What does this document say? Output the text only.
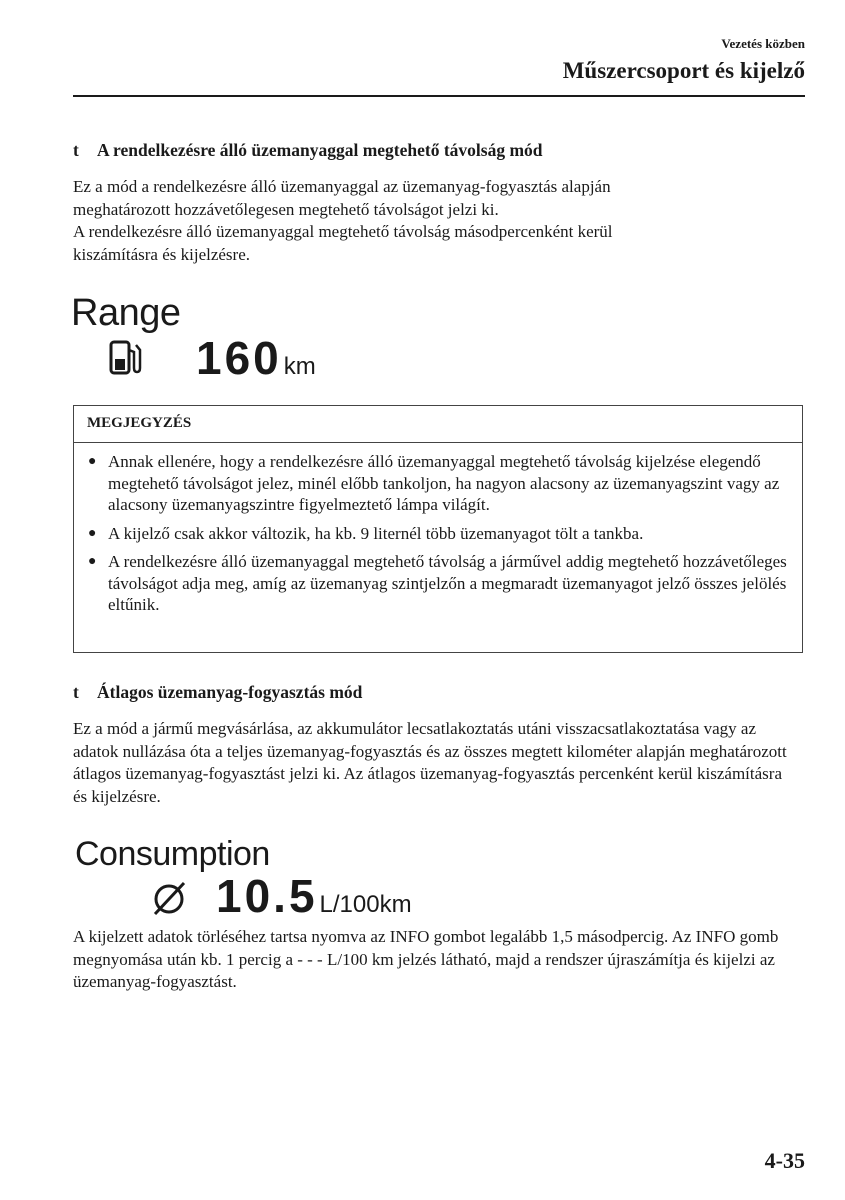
Vezetés közben
Műszercsoport és kijelző
t A rendelkezésre álló üzemanyaggal megtehető távolság mód
Ez a mód a rendelkezésre álló üzemanyaggal az üzemanyag-fogyasztás alapján
meghatározott hozzávetőlegesen megtehető távolságot jelzi ki.
A rendelkezésre álló üzemanyaggal megtehető távolság másodpercenként kerül
kiszámításra és kijelzésre.
Range
160km
MEGJEGYZÉS
● Annak ellenére, hogy a rendelkezésre álló üzemanyaggal megtehető távolság kijelzése elegendő megtehető távolságot jelez, minél előbb tankoljon, ha nagyon alacsony az üzemanyagszint vagy az alacsony üzemanyagszintre figyelmeztető lámpa világít.
● A kijelző csak akkor változik, ha kb. 9 liternél több üzemanyagot tölt a tankba.
● A rendelkezésre álló üzemanyaggal megtehető távolság a járművel addig megtehető hozzávetőleges távolságot adja meg, amíg az üzemanyag szintjelzőn a megmaradt üzemanyagot jelző összes jelölés eltűnik.
t Átlagos üzemanyag-fogyasztás mód

Ez a mód a jármű megvásárlása, az akkumulátor lecsatlakoztatás utáni visszacsatlakoztatása vagy az adatok nullázása óta a teljes üzemanyag-fogyasztás és az összes megtett kilométer alapján meghatározott átlagos üzemanyag-fogyasztást jelzi ki. Az átlagos üzemanyag-fogyasztás percenként kerül kiszámításra és kijelzésre.

Consumption
10.5L/100km

A kijelzett adatok törléséhez tartsa nyomva az INFO gombot legalább 1,5 másodpercig. Az INFO gomb megnyomása után kb. 1 percig a - - - L/100 km jelzés látható, majd a rendszer újraszámítja és kijelzi az üzemanyag-fogyasztást.

4-35
